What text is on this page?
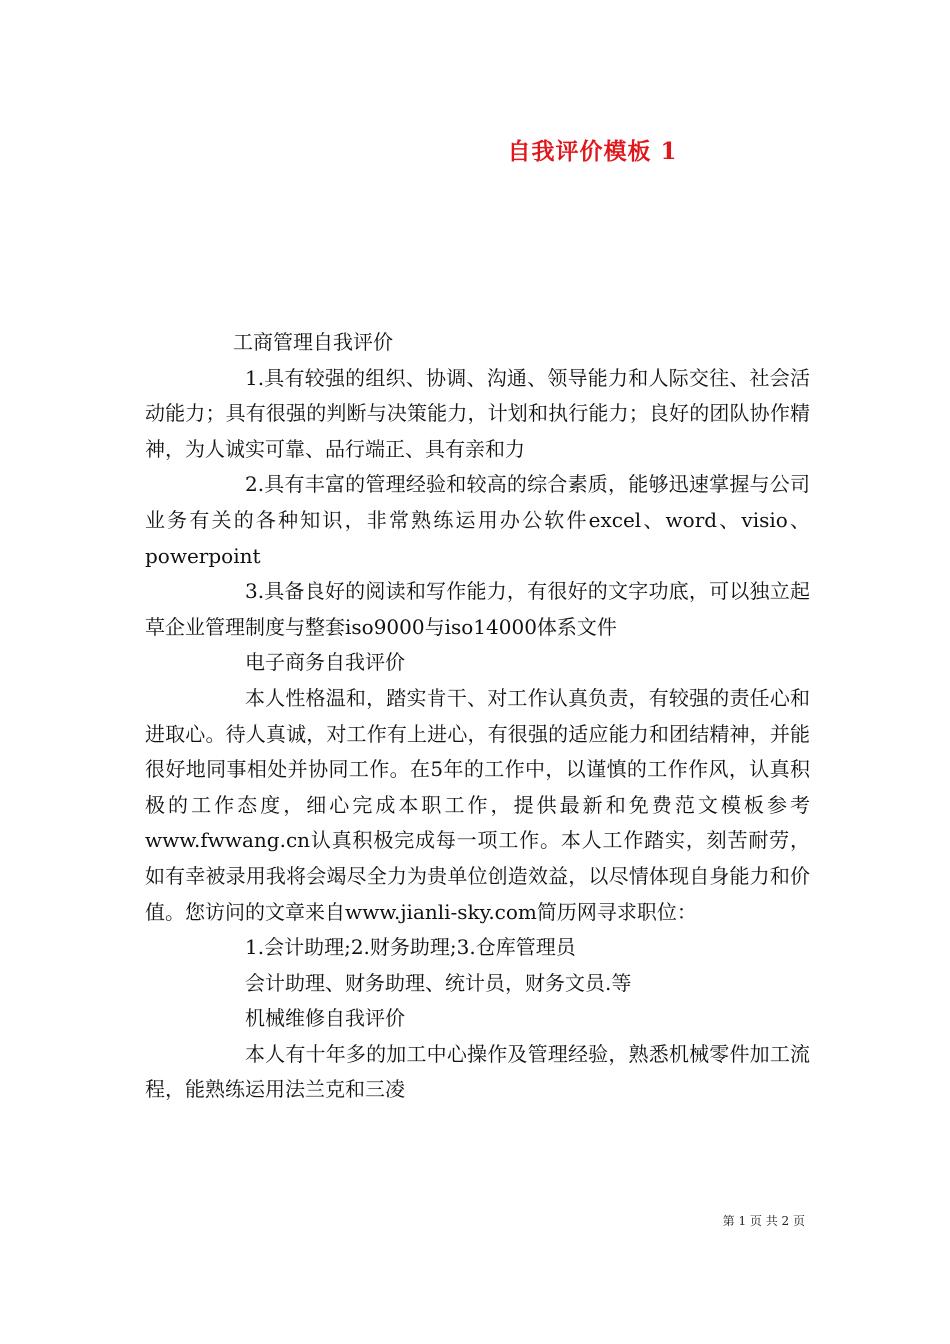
自我评价模板 1

工商管理自我评价

1.具有较强的组织、协调、沟通、领导能力和人际交往、社会活动能力；具有很强的判断与决策能力，计划和执行能力；良好的团队协作精神，为人诚实可靠、品行端正、具有亲和力

2.具有丰富的管理经验和较高的综合素质，能够迅速掌握与公司业务有关的各种知识，非常熟练运用办公软件excel、word、visio、powerpoint

3.具备良好的阅读和写作能力，有很好的文字功底，可以独立起草企业管理制度与整套iso9000与iso14000体系文件

电子商务自我评价

本人性格温和，踏实肯干、对工作认真负责，有较强的责任心和进取心。待人真诚，对工作有上进心，有很强的适应能力和团结精神，并能很好地同事相处并协同工作。在5年的工作中，以谨慎的工作作风，认真积极的工作态度，细心完成本职工作，提供最新和免费范文模板参考www.fwwang.cn认真积极完成每一项工作。本人工作踏实，刻苦耐劳，如有幸被录用我将会竭尽全力为贵单位创造效益，以尽情体现自身能力和价值。您访问的文章来自www.jianli-sky.com简历网寻求职位：

1.会计助理;2.财务助理;3.仓库管理员

会计助理、财务助理、统计员，财务文员.等

机械维修自我评价

本人有十年多的加工中心操作及管理经验，熟悉机械零件加工流程，能熟练运用法兰克和三凌

第 1 页 共 2 页
